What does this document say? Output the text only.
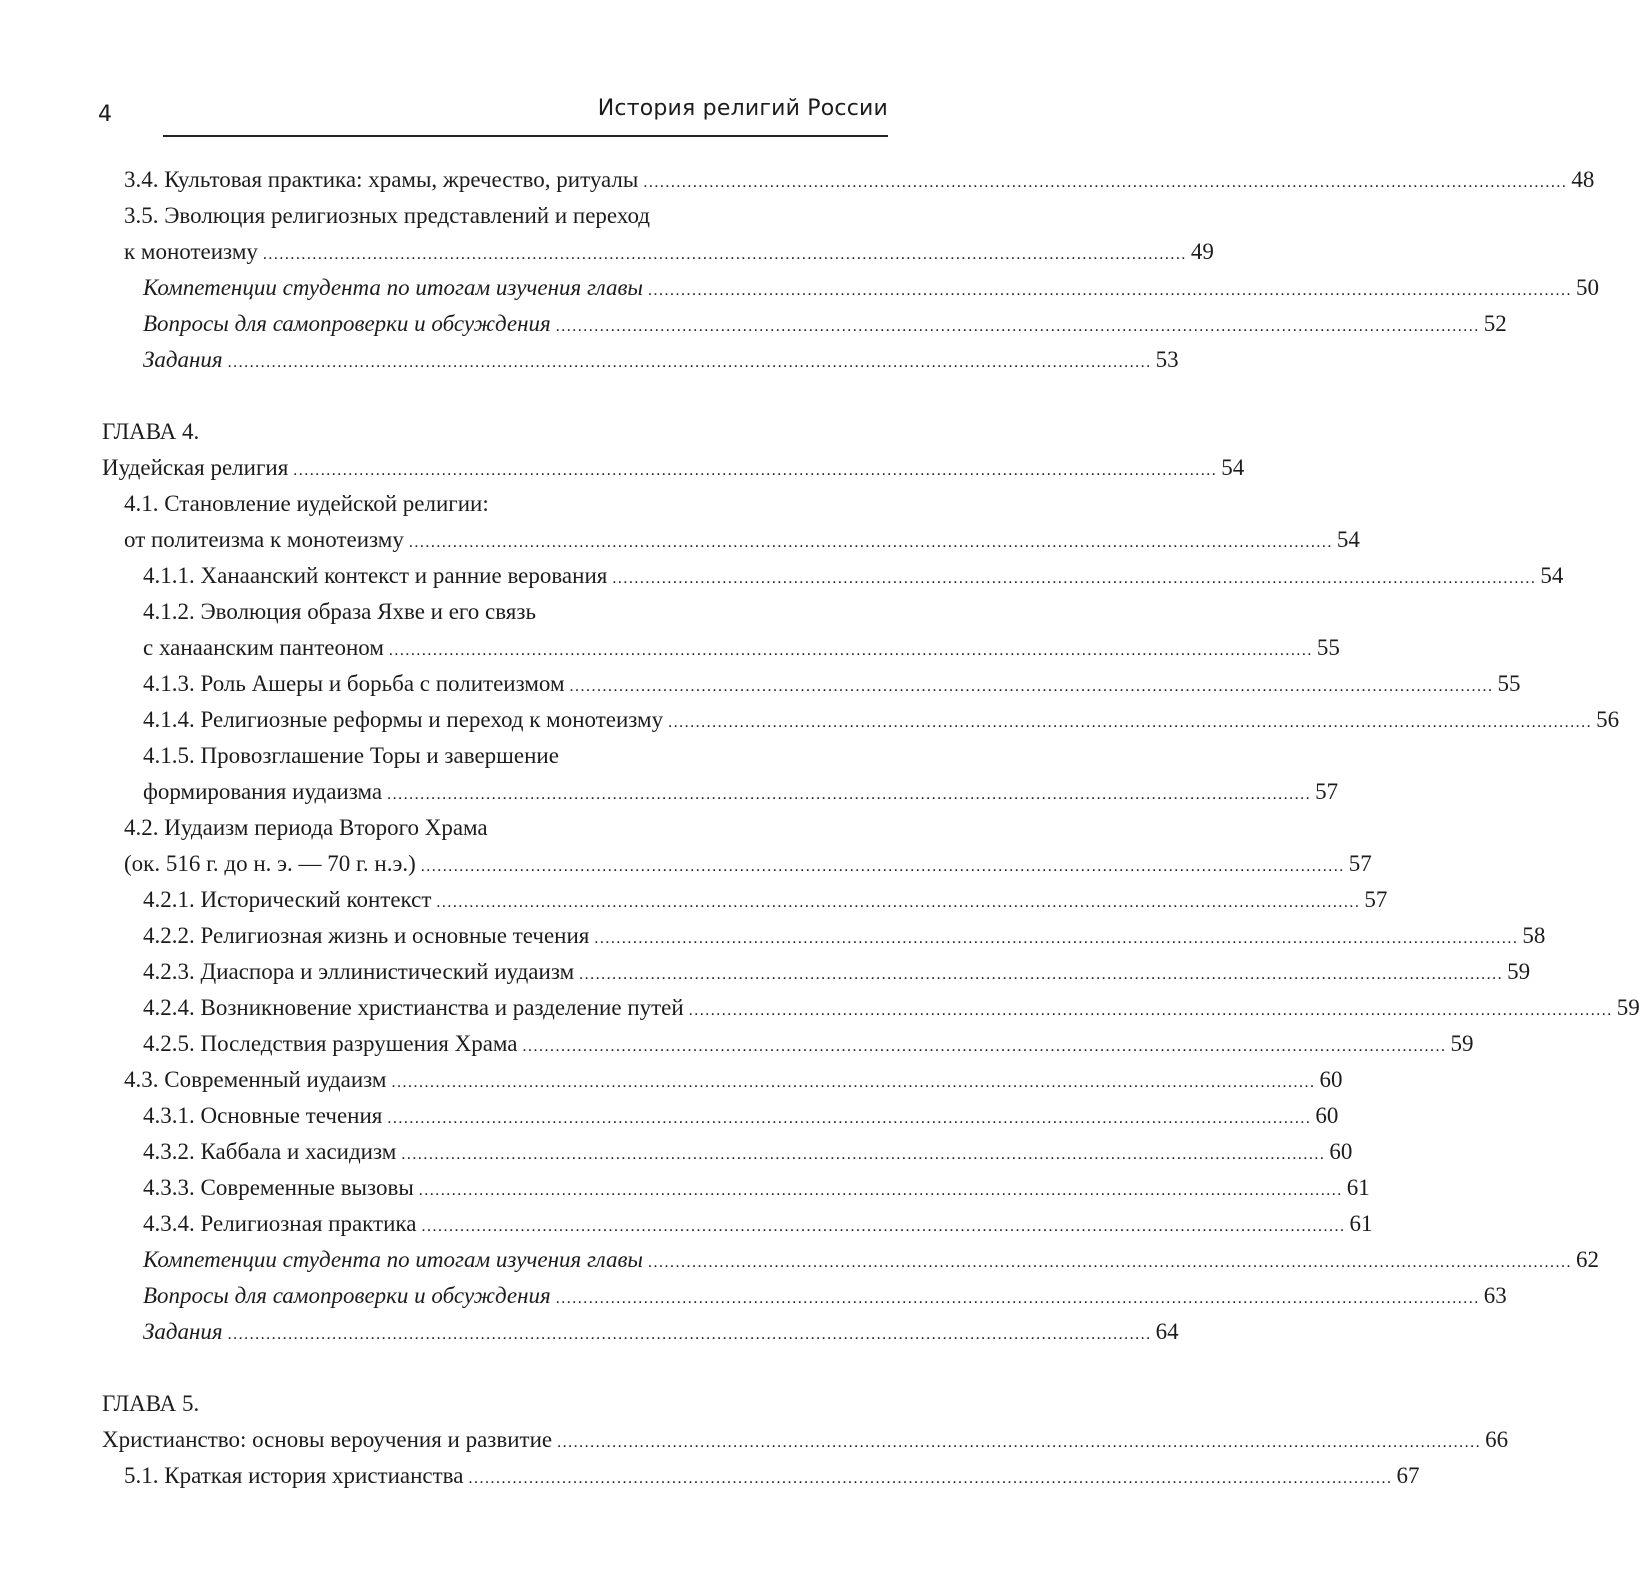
4	История религий России
3.4. Культовая практика: храмы, жречество, ритуалы ........................................................................................................................................................................ 48
3.5. Эволюция религиозных представлений и переход
к монотеизму ........................................................................................................................................................................ 49
Компетенции студента по итогам изучения главы ........................................................................................................................................................................ 50
Вопросы для самопроверки и обсуждения ........................................................................................................................................................................ 52
Задания ........................................................................................................................................................................ 53
ГЛАВА 4.
Иудейская религия ........................................................................................................................................................................ 54
4.1. Становление иудейской религии:
от политеизма к монотеизму ........................................................................................................................................................................ 54
4.1.1. Ханаанский контекст и ранние верования ........................................................................................................................................................................ 54
4.1.2. Эволюция образа Яхве и его связь
с ханаанским пантеоном ........................................................................................................................................................................ 55
4.1.3. Роль Ашеры и борьба с политеизмом ........................................................................................................................................................................ 55
4.1.4. Религиозные реформы и переход к монотеизму ........................................................................................................................................................................ 56
4.1.5. Провозглашение Торы и завершение
формирования иудаизма ........................................................................................................................................................................ 57
4.2. Иудаизм периода Второго Храма
(ок. 516 г. до н. э. — 70 г. н.э.) ........................................................................................................................................................................ 57
4.2.1. Исторический контекст ........................................................................................................................................................................ 57
4.2.2. Религиозная жизнь и основные течения ........................................................................................................................................................................ 58
4.2.3. Диаспора и эллинистический иудаизм ........................................................................................................................................................................ 59
4.2.4. Возникновение христианства и разделение путей ........................................................................................................................................................................ 59
4.2.5. Последствия разрушения Храма ........................................................................................................................................................................ 59
4.3. Современный иудаизм ........................................................................................................................................................................ 60
4.3.1. Основные течения ........................................................................................................................................................................ 60
4.3.2. Каббала и хасидизм ........................................................................................................................................................................ 60
4.3.3. Современные вызовы ........................................................................................................................................................................ 61
4.3.4. Религиозная практика ........................................................................................................................................................................ 61
Компетенции студента по итогам изучения главы ........................................................................................................................................................................ 62
Вопросы для самопроверки и обсуждения ........................................................................................................................................................................ 63
Задания ........................................................................................................................................................................ 64
ГЛАВА 5.
Христианство: основы вероучения и развитие ........................................................................................................................................................................ 66
5.1. Краткая история христианства ........................................................................................................................................................................ 67
